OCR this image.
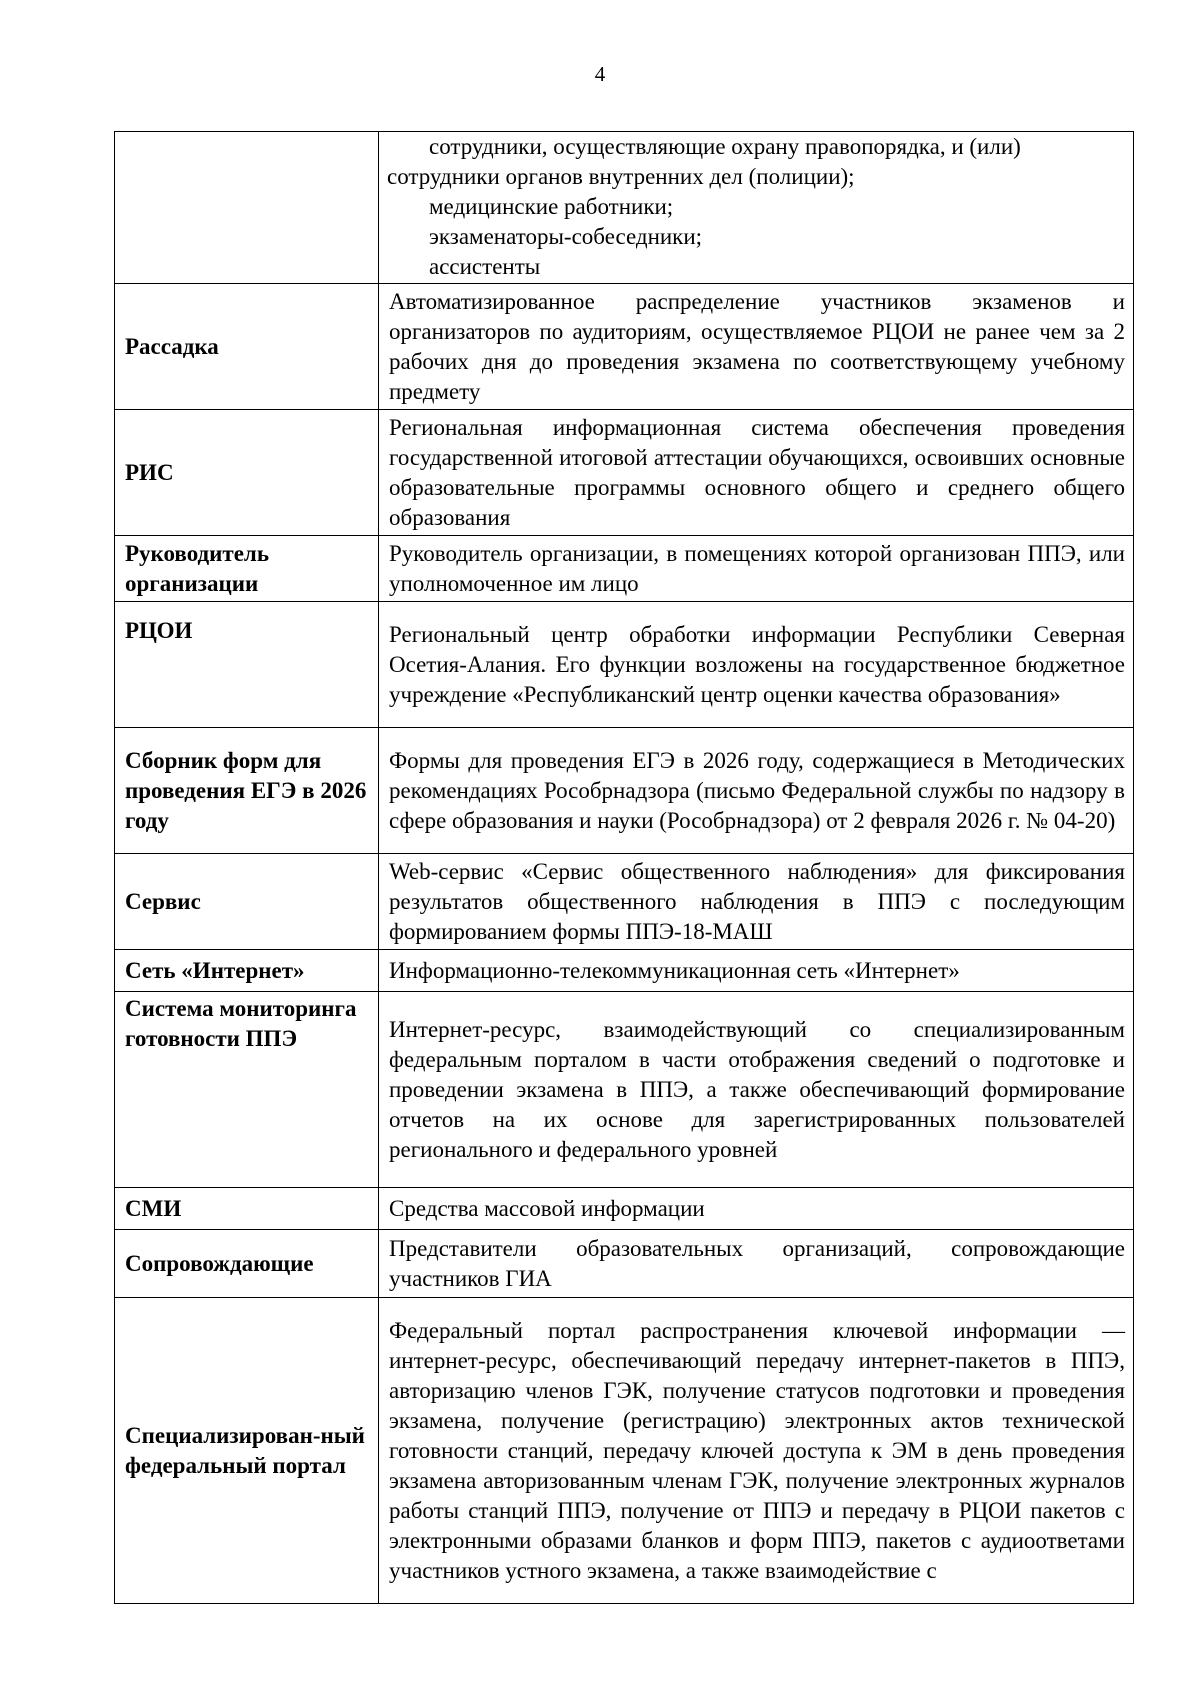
4

	сотрудники, осуществляющие охрану правопорядка, и (или)
сотрудники органов внутренних дел (полиции);
медицинские работники;
экзаменаторы-собеседники;
ассистенты

Рассадка	Автоматизированное распределение участников экзаменов и организаторов по аудиториям, осуществляемое РЦОИ не ранее чем за 2 рабочих дня до проведения экзамена по соответствующему учебному предмету
РИС	Региональная информационная система обеспечения проведения государственной итоговой аттестации обучающихся, освоивших основные образовательные программы основного общего и среднего общего образования
Руководитель организации	Руководитель организации, в помещениях которой организован ППЭ, или уполномоченное им лицо
РЦОИ	Региональный центр обработки информации Республики Северная Осетия-Алания. Его функции возложены на государственное бюджетное учреждение «Республиканский центр оценки качества образования»
Сборник форм для проведения ЕГЭ в 2026 году	Формы для проведения ЕГЭ в 2026 году, содержащиеся в Методических рекомендациях Рособрнадзора (письмо Федеральной службы по надзору в сфере образования и науки (Рособрнадзора) от 2 февраля 2026 г. № 04-20)
Сервис	Web-сервис «Сервис общественного наблюдения» для фиксирования результатов общественного наблюдения в ППЭ с последующим формированием формы ППЭ-18-МАШ
Сеть «Интернет»	Информационно-телекоммуникационная сеть «Интернет»
Система мониторинга готовности ППЭ	Интернет-ресурс, взаимодействующий со специализированным федеральным порталом в части отображения сведений о подготовке и проведении экзамена в ППЭ, а также обеспечивающий формирование отчетов на их основе для зарегистрированных пользователей регионального и федерального уровней
СМИ	Средства массовой информации
Сопровождающие	Представители образовательных организаций, сопровождающие участников ГИА
Специализирован-ный федеральный портал	Федеральный портал распространения ключевой информации — интернет-ресурс, обеспечивающий передачу интернет-пакетов в ППЭ, авторизацию членов ГЭК, получение статусов подготовки и проведения экзамена, получение (регистрацию) электронных актов технической готовности станций, передачу ключей доступа к ЭМ в день проведения экзамена авторизованным членам ГЭК, получение электронных журналов работы станций ППЭ, получение от ППЭ и передачу в РЦОИ пакетов с электронными образами бланков и форм ППЭ, пакетов с аудиоответами участников устного экзамена, а также взаимодействие с
